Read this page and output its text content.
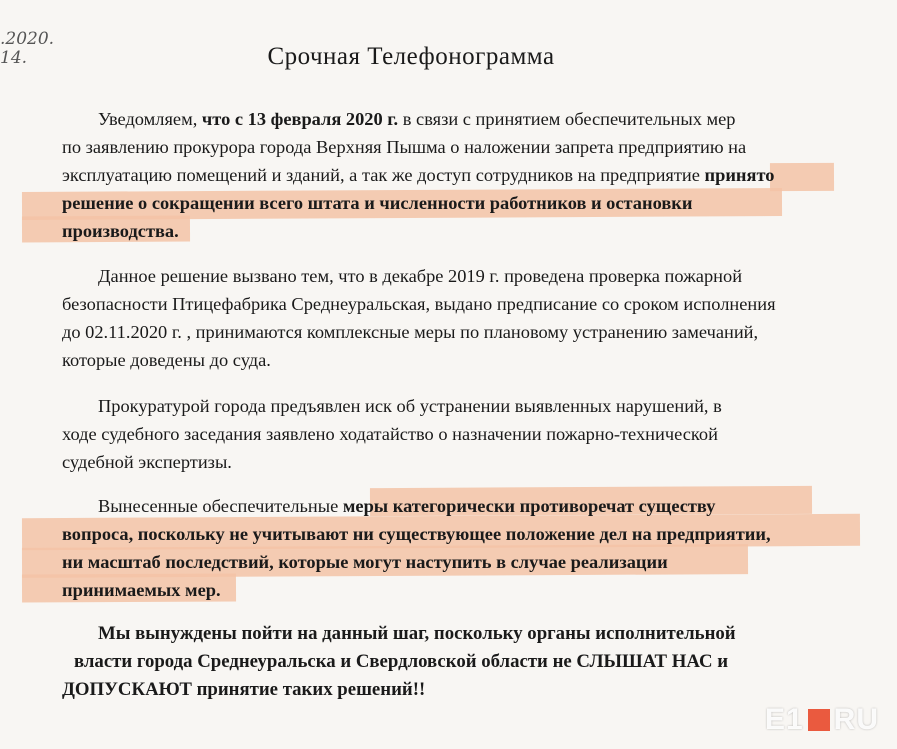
.2020.
14.	Срочная Телефонограмма
Уведомляем, что с 13 февраля 2020 г. в связи с принятием обеспечительных мер
по заявлению прокурора города Верхняя Пышма о наложении запрета предприятию на
эксплуатацию помещений и зданий, а так же доступ сотрудников на предприятие принято
решение о сокращении всего штата и численности работников и остановки
производства.
Данное решение вызвано тем, что в декабре 2019 г. проведена проверка пожарной
безопасности Птицефабрика Среднеуральская, выдано предписание со сроком исполнения
до 02.11.2020 г. , принимаются комплексные меры по плановому устранению замечаний,
которые доведены до суда.
Прокуратурой города предъявлен иск об устранении выявленных нарушений, в
ходе судебного заседания заявлено ходатайство о назначении пожарно-технической
судебной экспертизы.
Вынесенные обеспечительные меры категорически противоречат существу
вопроса, поскольку не учитывают ни существующее положение дел на предприятии,
ни масштаб последствий, которые могут наступить в случае реализации
принимаемых мер.
Мы вынуждены пойти на данный шаг, поскольку органы исполнительной
власти города Среднеуральска и Свердловской области не СЛЫШАТ НАС и
ДОПУСКАЮТ принятие таких решений!!
E1 RU
